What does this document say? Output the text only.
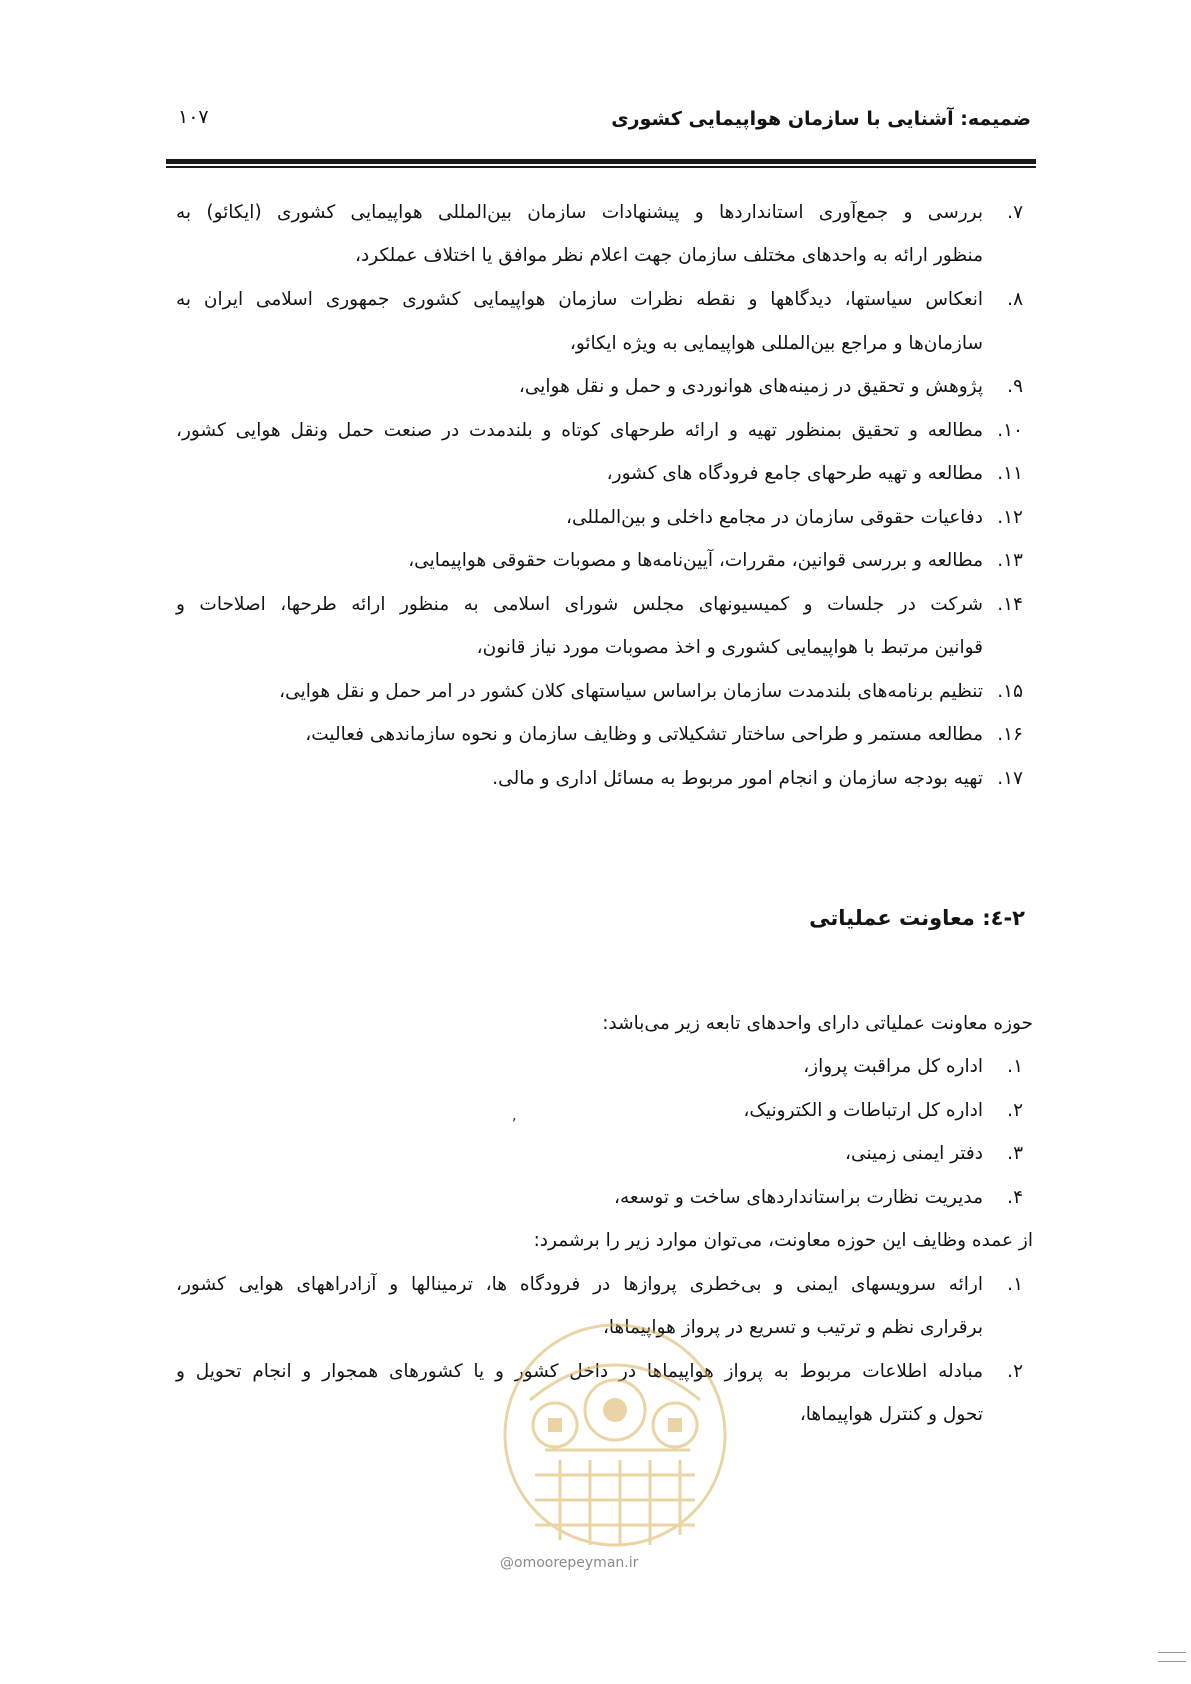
ضمیمه: آشنایی با سازمان هواپیمایی کشوری
۱۰۷
۷.
بررسی و جمع‌آوری استانداردها و پیشنهادات سازمان بین‌المللی هواپیمایی کشوری (ایکائو) به
منظور ارائه به واحدهای مختلف سازمان جهت اعلام نظر موافق یا اختلاف عملکرد،
۸.
انعکاس سیاستها، دیدگاهها و نقطه نظرات سازمان هواپیمایی کشوری جمهوری اسلامی ایران به
سازمان‌ها و مراجع بین‌المللی هواپیمایی به ویژه ایکائو،
۹.
پژوهش و تحقیق در زمینه‌های هوانوردی و حمل و نقل هوایی،
۱۰.
مطالعه و تحقیق بمنظور تهیه و ارائه طرحهای کوتاه و بلندمدت در صنعت حمل ونقل هوایی کشور،
۱۱.
مطالعه و تهیه طرحهای جامع فرودگاه های کشور،
۱۲.
دفاعیات حقوقی سازمان در مجامع داخلی و بین‌المللی،
۱۳.
مطالعه و بررسی قوانین، مقررات، آیین‌نامه‌ها و مصوبات حقوقی هواپیمایی،
۱۴.
شرکت در جلسات و کمیسیونهای مجلس شورای اسلامی به منظور ارائه طرحها، اصلاحات و
قوانین مرتبط با هواپیمایی کشوری و اخذ مصوبات مورد نیاز قانون،
۱۵.
تنظیم برنامه‌های بلندمدت سازمان براساس سیاستهای کلان کشور در امر حمل و نقل هوایی،
۱۶.
مطالعه مستمر و طراحی ساختار تشکیلاتی و وظایف سازمان و نحوه سازماندهی فعالیت،
۱۷.
تهیه بودجه سازمان و انجام امور مربوط به مسائل اداری و مالی.
۲-٤: معاونت عملیاتی
حوزه معاونت عملیاتی دارای واحدهای تابعه زیر می‌باشد:
۱.
اداره کل مراقبت پرواز،
۲.
اداره کل ارتباطات و الکترونیک،
۳.
دفتر ایمنی زمینی،
۴.
مدیریت نظارت براستانداردهای ساخت و توسعه،
از عمده وظایف این حوزه معاونت، می‌توان موارد زیر را برشمرد:
۱.
ارائه سرویسهای ایمنی و بی‌خطری پروازها در فرودگاه ها، ترمینالها و آزادراههای هوایی کشور،
برقراری نظم و ترتیب و تسریع در پرواز هواپیماها،
۲.
مبادله اطلاعات مربوط به پرواز هواپیماها در داخل کشور و یا کشورهای همجوار و انجام تحویل و
تحول و کنترل هواپیماها،
,
@omoorepeyman.ir
